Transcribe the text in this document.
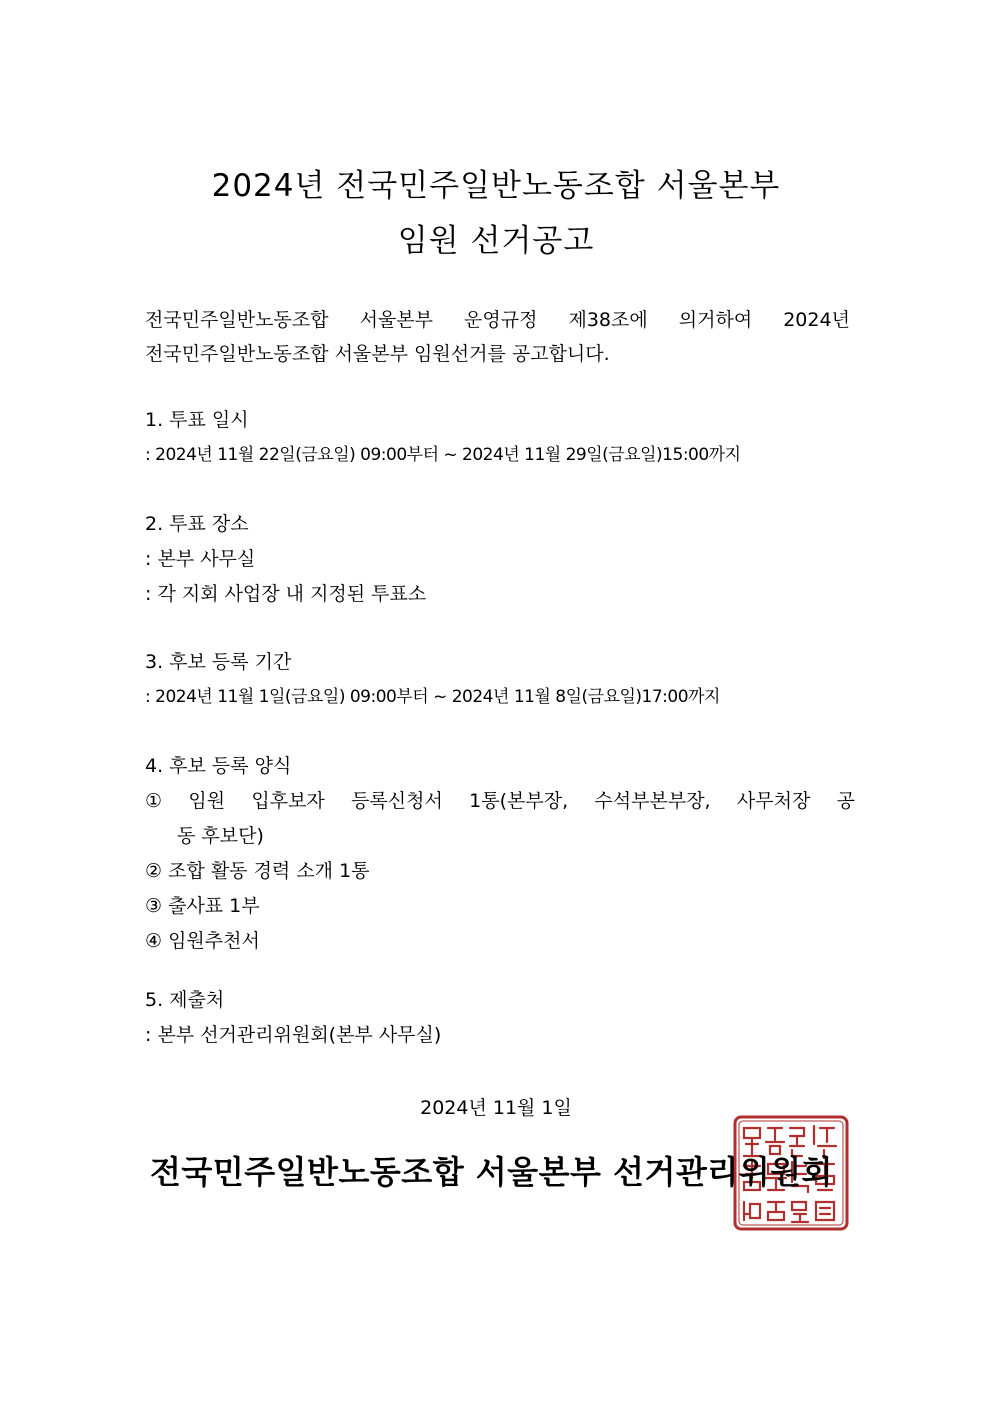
2024년 전국민주일반노동조합 서울본부
임원 선거공고
전국민주일반노동조합 서울본부 운영규정 제38조에 의거하여 2024년
전국민주일반노동조합 서울본부 임원선거를 공고합니다.
1. 투표 일시
: 2024년 11월 22일(금요일) 09:00부터 ~ 2024년 11월 29일(금요일)15:00까지
2. 투표 장소
: 본부 사무실
: 각 지회 사업장 내 지정된 투표소
3. 후보 등록 기간
: 2024년 11월 1일(금요일) 09:00부터 ~ 2024년 11월 8일(금요일)17:00까지
4. 후보 등록 양식
① 임원 입후보자 등록신청서 1통(본부장, 수석부본부장, 사무처장 공
동 후보단)
② 조합 활동 경력 소개 1통
③ 출사표 1부
④ 임원추천서
5. 제출처
: 본부 선거관리위원회(본부 사무실)
2024년 11월 1일
전국민주일반노동조합 서울본부 선거관리위원회
